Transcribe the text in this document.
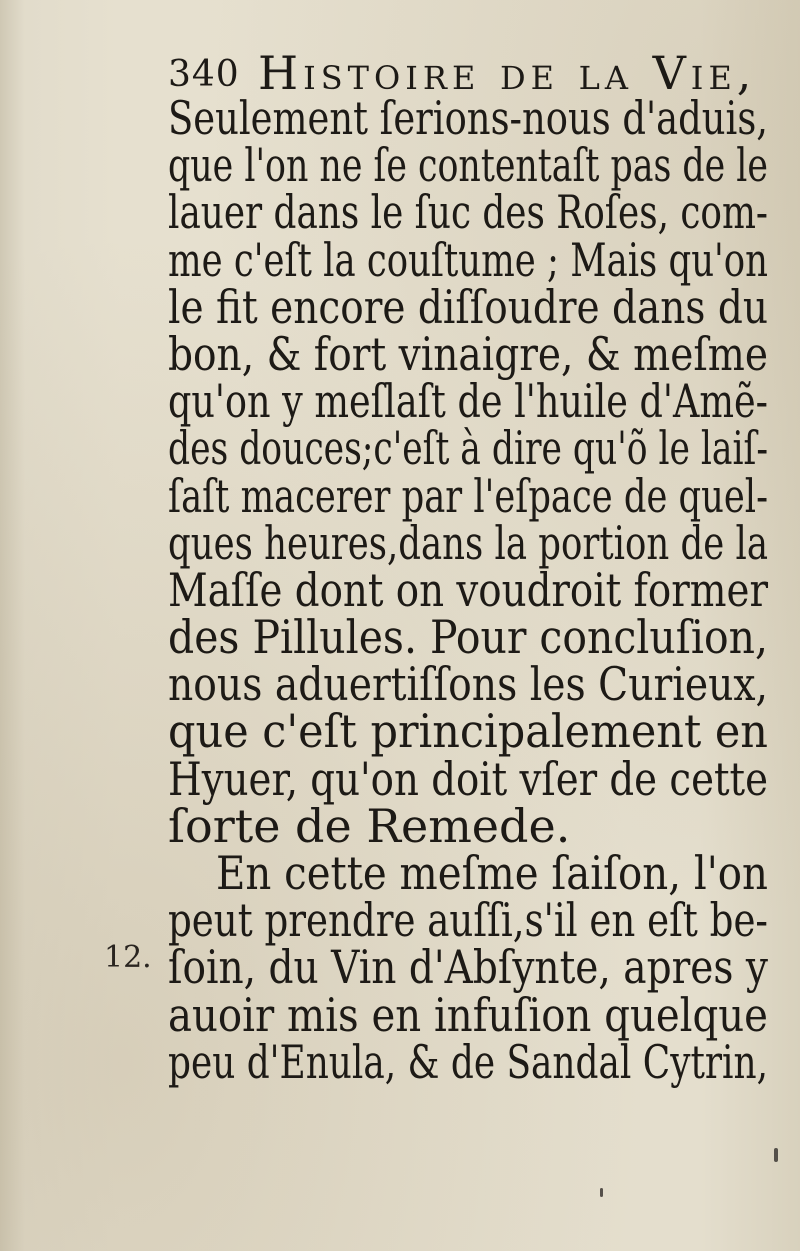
340 Histoire de la Vie,
12.
Seulement ſerions-nous d'aduis,
que l'on ne ſe contentaſt pas de le
lauer dans le ſuc des Roſes, com-
me c'eſt la couſtume ; Mais qu'on
le fit encore diſſoudre dans du
bon, & fort vinaigre, & meſme
qu'on y meſlaſt de l'huile d'Amẽ-
des douces;c'eſt à dire qu'õ le laiſ-
ſaſt macerer par l'eſpace de quel-
ques heures,dans la portion de la
Maſſe dont on voudroit former
des Pillules. Pour concluſion,
nous aduertiſſons les Curieux,
que c'eſt principalement en
Hyuer, qu'on doit vſer de cette
ſorte de Remede.
En cette meſme ſaiſon, l'on
peut prendre auſſi,s'il en eſt be-
ſoin, du Vin d'Abſynte, apres y
auoir mis en infuſion quelque
peu d'Enula, & de Sandal Cytrin,
